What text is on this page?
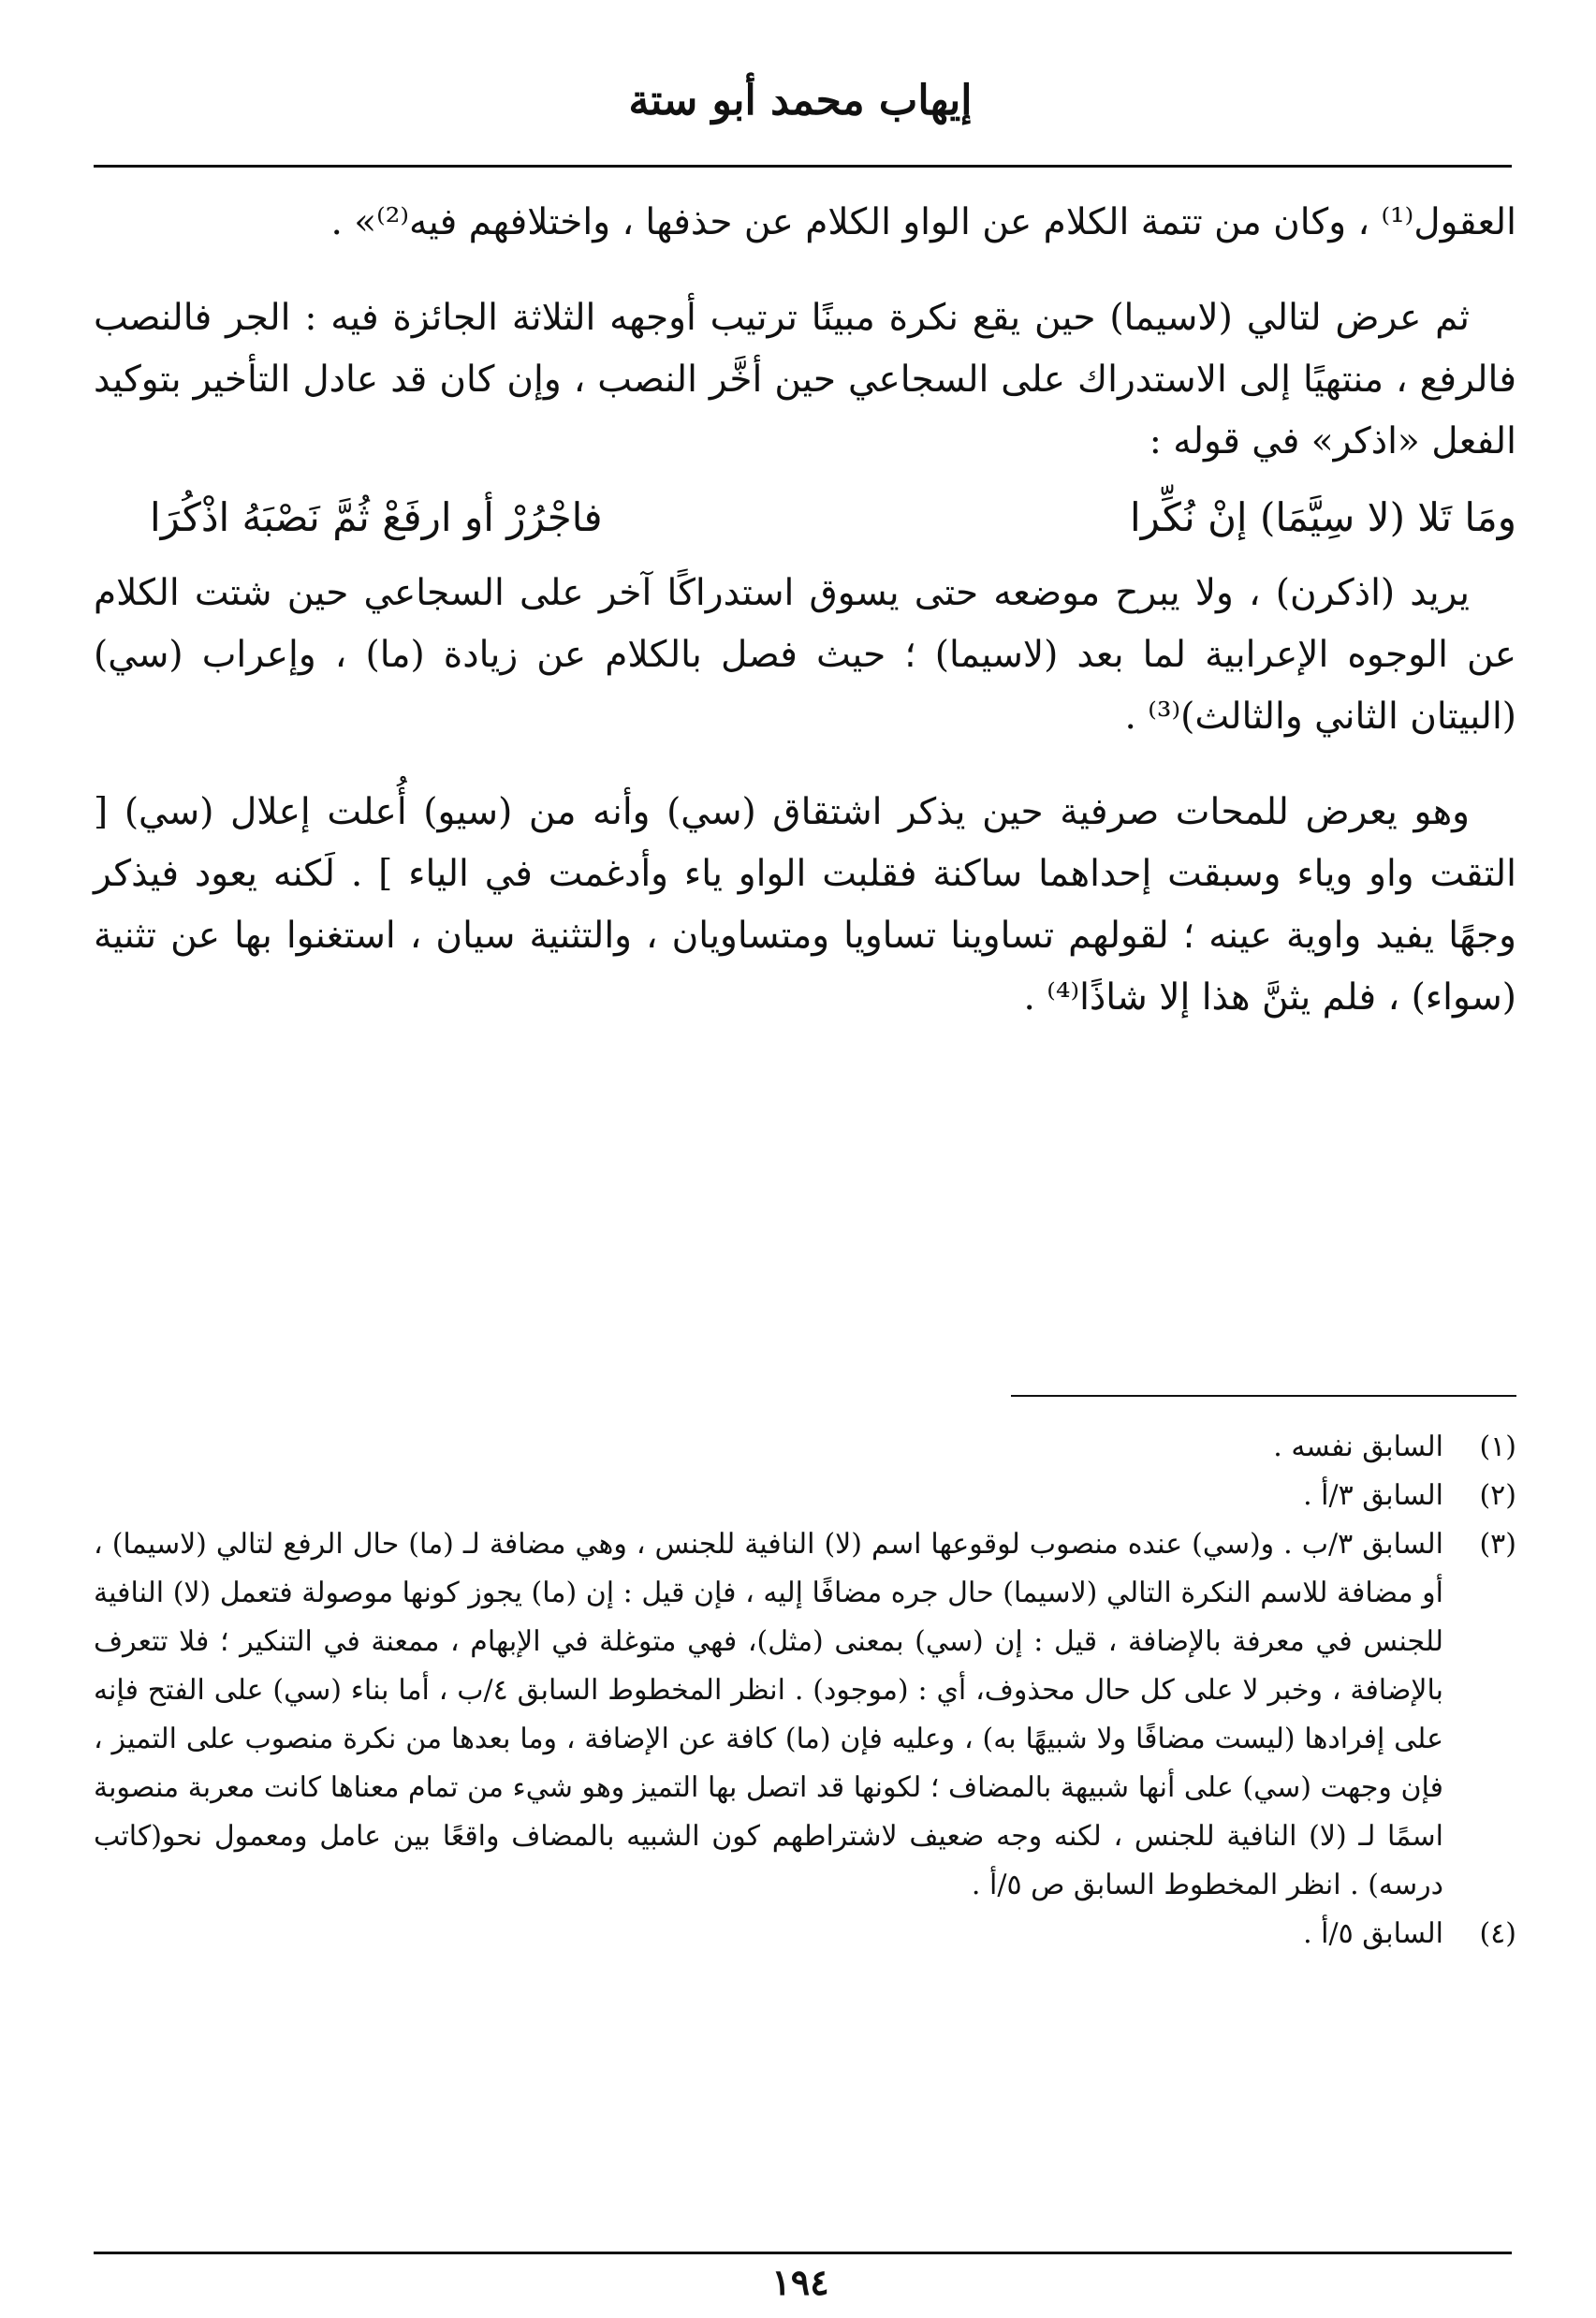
إيهاب محمد أبو ستة

العقول⁽¹⁾ ، وكان من تتمة الكلام عن الواو الكلام عن حذفها ، واختلافهم فيه⁽²⁾» .

ثم عرض لتالي (لاسيما) حين يقع نكرة مبينًا ترتيب أوجهه الثلاثة الجائزة فيه : الجر فالنصب فالرفع ، منتهيًا إلى الاستدراك على السجاعي حين أخَّر النصب ، وإن كان قد عادل التأخير بتوكيد الفعل «اذكر» في قوله :

ومَا تَلا (لا سِيَّمَا) إنْ نُكِّرا
فاجْرُرْ أو ارفَعْ ثُمَّ نَصْبَهُ اذْكُرَا

يريد (اذكرن) ، ولا يبرح موضعه حتى يسوق استدراكًا آخر على السجاعي حين شتت الكلام عن الوجوه الإعرابية لما بعد (لاسيما) ؛ حيث فصل بالكلام عن زيادة (ما) ، وإعراب (سي) (البيتان الثاني والثالث)⁽³⁾ .

وهو يعرض للمحات صرفية حين يذكر اشتقاق (سي) وأنه من (سيو) أُعلت إعلال (سي) [ التقت واو وياء وسبقت إحداهما ساكنة فقلبت الواو ياء وأدغمت في الياء ] . لَكنه يعود فيذكر وجهًا يفيد واوية عينه ؛ لقولهم تساوينا تساويا ومتساويان ، والتثنية سيان ، استغنوا بها عن تثنية (سواء) ، فلم يثنَّ هذا إلا شاذًا⁽⁴⁾ .

(١)
السابق نفسه .
(٢)
السابق ٣/أ .
(٣)
السابق ٣/ب . و(سي) عنده منصوب لوقوعها اسم (لا) النافية للجنس ، وهي مضافة لـ (ما) حال الرفع لتالي (لاسيما) ، أو مضافة للاسم النكرة التالي (لاسيما) حال جره مضافًا إليه ، فإن قيل : إن (ما) يجوز كونها موصولة فتعمل (لا) النافية للجنس في معرفة بالإضافة ، قيل : إن (سي) بمعنى (مثل)، فهي متوغلة في الإبهام ، ممعنة في التنكير ؛ فلا تتعرف بالإضافة ، وخبر لا على كل حال محذوف، أي : (موجود) . انظر المخطوط السابق ٤/ب ، أما بناء (سي) على الفتح فإنه على إفرادها (ليست مضافًا ولا شبيهًا به) ، وعليه فإن (ما) كافة عن الإضافة ، وما بعدها من نكرة منصوب على التميز ، فإن وجهت (سي) على أنها شبيهة بالمضاف ؛ لكونها قد اتصل بها التميز وهو شيء من تمام معناها كانت معربة منصوبة اسمًا لـ (لا) النافية للجنس ، لكنه وجه ضعيف لاشتراطهم كون الشبيه بالمضاف واقعًا بين عامل ومعمول نحو(كاتب درسه) . انظر المخطوط السابق ص ٥/أ .
(٤)
السابق ٥/أ .
١٩٤
